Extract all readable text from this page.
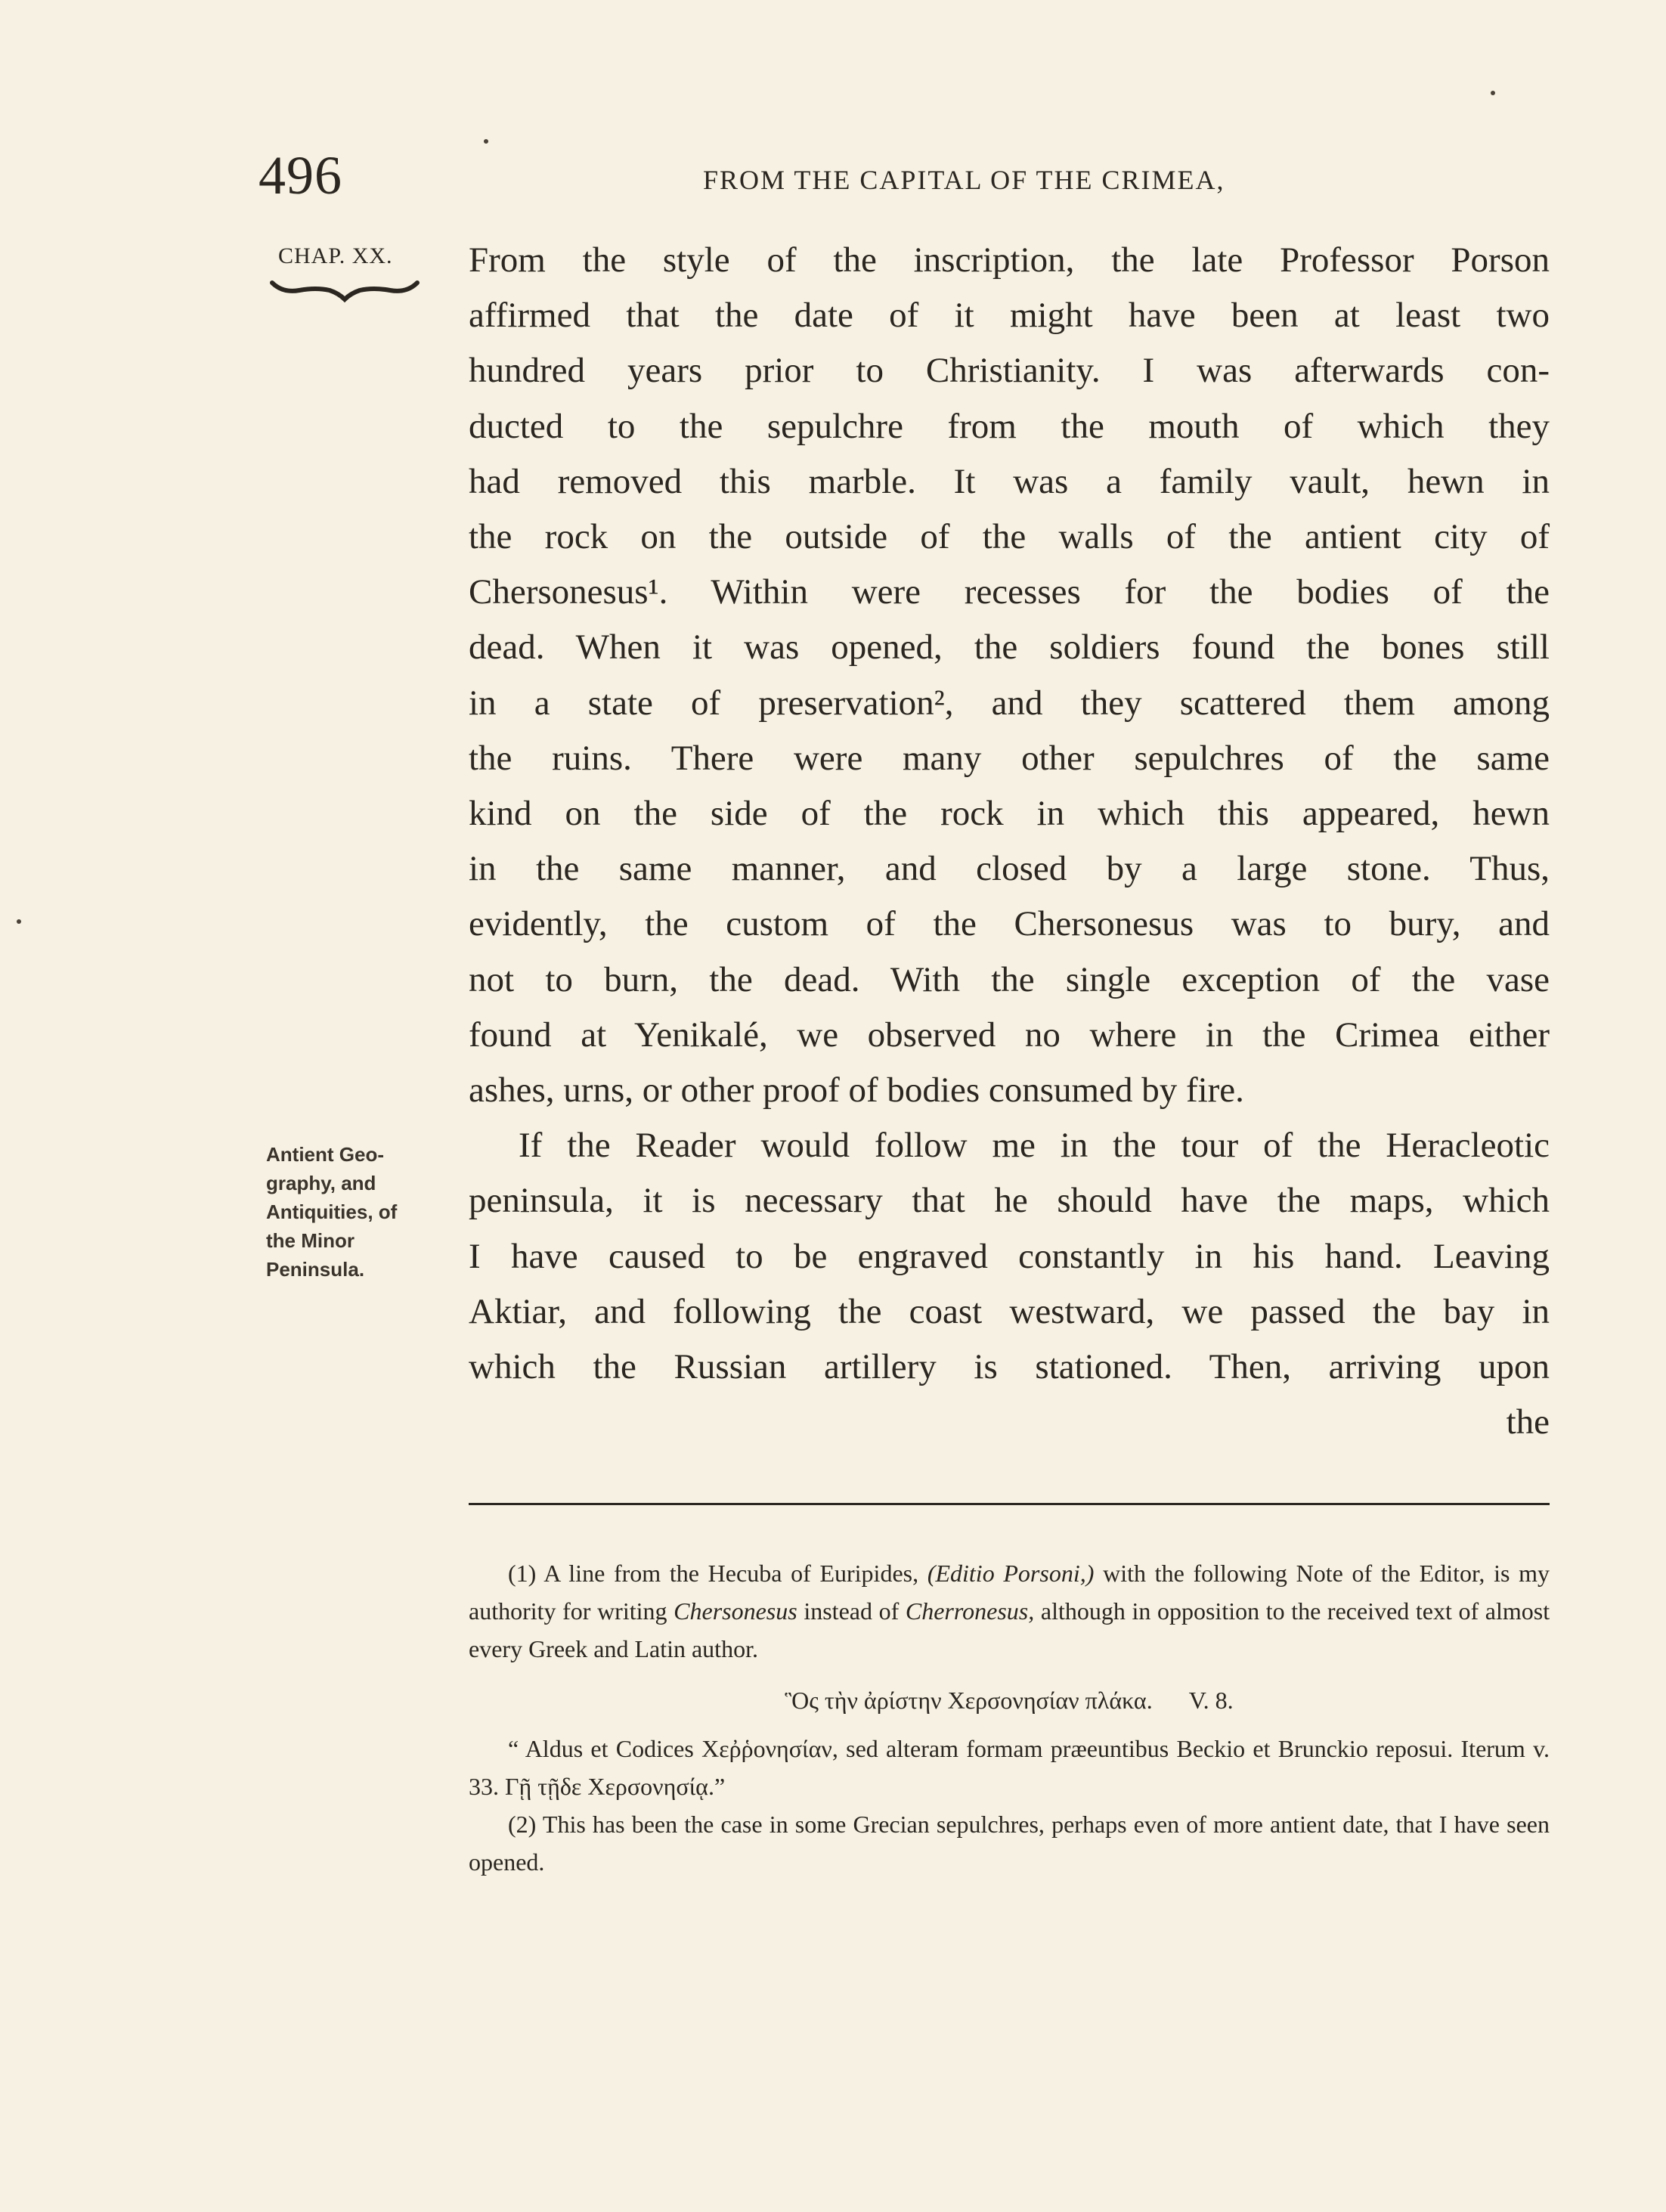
496	FROM THE CAPITAL OF THE CRIMEA,
CHAP. XX. From the style of the inscription, the late Professor Porson

affirmed that the date of it might have been at least two

hundred years prior to Christianity. I was afterwards con-

ducted to the sepulchre from the mouth of which they

had removed this marble. It was a family vault, hewn in

the rock on the outside of the walls of the antient city of

Chersonesus¹. Within were recesses for the bodies of the

dead. When it was opened, the soldiers found the bones still

in a state of preservation², and they scattered them among

the ruins. There were many other sepulchres of the same

kind on the side of the rock in which this appeared, hewn

in the same manner, and closed by a large stone. Thus,

evidently, the custom of the Chersonesus was to bury, and

not to burn, the dead. With the single exception of the vase

found at Yenikalé, we observed no where in the Crimea either

ashes, urns, or other proof of bodies consumed by fire.

If the Reader would follow me in the tour of the Heracleotic

peninsula, it is necessary that he should have the maps, which

I have caused to be engraved constantly in his hand. Leaving

Aktiar, and following the coast westward, we passed the bay in

which the Russian artillery is stationed. Then, arriving upon

the

Antient Geo-
graphy, and
Antiquities, of
the Minor
Peninsula.

(1) A line from the Hecuba of Euripides, (Editio Porsoni,) with the following Note of the Editor, is my authority for writing Chersonesus instead of Cherronesus, although in opposition to the received text of almost every Greek and Latin author.

Ὃς τὴν ἀρίστην Χερσονησίαν πλάκα. V. 8.

“ Aldus et Codices Χεῤῥονησίαν, sed alteram formam præeuntibus Beckio et Brunckio reposui. Iterum v. 33. Γῇ τῇδε Χερσονησίᾳ.”

(2) This has been the case in some Grecian sepulchres, perhaps even of more antient date, that I have seen opened.
